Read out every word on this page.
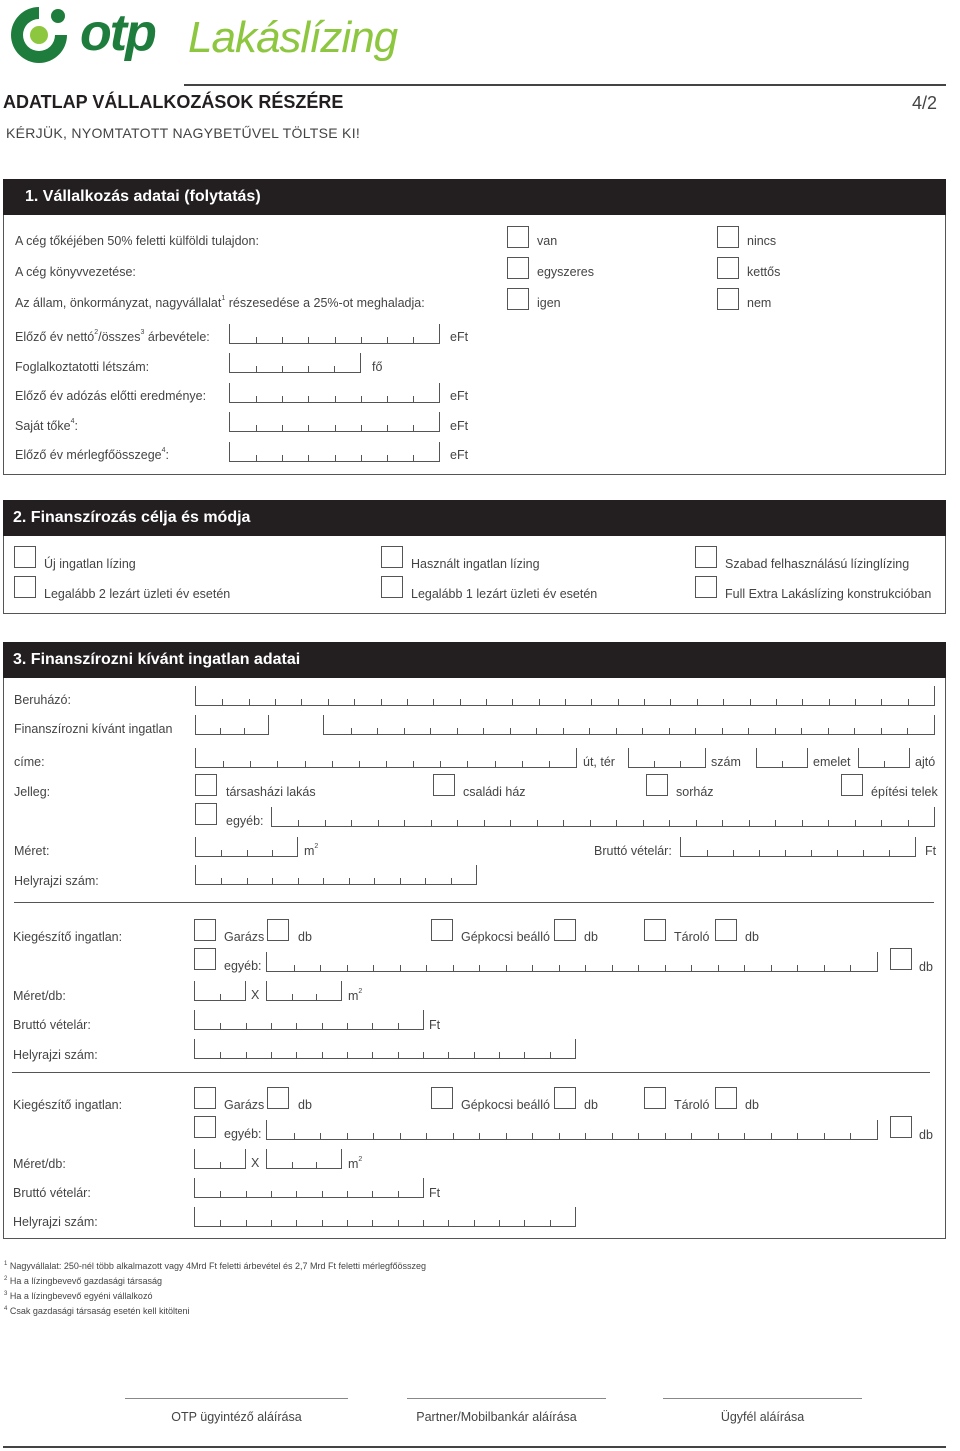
otp Lakáslízing
ADATLAP VÁLLALKOZÁSOK RÉSZÉRE	4/2
KÉRJÜK, NYOMTATOTT NAGYBETŰVEL TÖLTSE KI!
1. Vállalkozás adatai (folytatás)
A cég tőkéjében 50% feletti külföldi tulajdon:	van	nincs
A cég könyvvezetése:	egyszeres	kettős
Az állam, önkormányzat, nagyvállalat$^1$ részesedése a 25%-ot meghaladja:	igen	nem
Előző év nettó$^2$/összes$^3$ árbevétele:	eFt
Foglalkoztatotti létszám:	fő
Előző év adózás előtti eredménye:	eFt
Saját tőke$^4$:	eFt
Előző év mérlegfőösszege$^4$:	eFt
2. Finanszírozás célja és módja
Új ingatlan lízing	Használt ingatlan lízing	Szabad felhasználású lízinglízing
Legalább 2 lezárt üzleti év esetén	Legalább 1 lezárt üzleti év esetén	Full Extra Lakáslízing konstrukcióban
3. Finanszírozni kívánt ingatlan adatai
Beruházó:
Finanszírozni kívánt ingatlan
címe:	út, tér	szám	emelet	ajtó
Jelleg:	társasházi lakás	családi ház	sorház	építési telek
egyéb:
Méret:	$m^2$	Bruttó vételár:	Ft
Helyrajzi szám:
Kiegészítő ingatlan:	Garázs	db	Gépkocsi beálló	db	Tároló	db
egyéb:	db
Méret/db:	X	$m^2$
Bruttó vételár:	Ft
Helyrajzi szám:
Kiegészítő ingatlan:	Garázs	db	Gépkocsi beálló	db	Tároló	db
egyéb:	db
Méret/db:	X	$m^2$
Bruttó vételár:	Ft
Helyrajzi szám:
$^1$ Nagyvállalat: 250-nél több alkalmazott vagy 4Mrd Ft feletti árbevétel és 2,7 Mrd Ft feletti mérlegfőösszeg
$^2$ Ha a lízingbevevő gazdasági társaság
$^3$ Ha a lízingbevevő egyéni vállalkozó
$^4$ Csak gazdasági társaság esetén kell kitölteni
OTP ügyintéző aláírása	Partner/Mobilbankár aláírása	Ügyfél aláírása
